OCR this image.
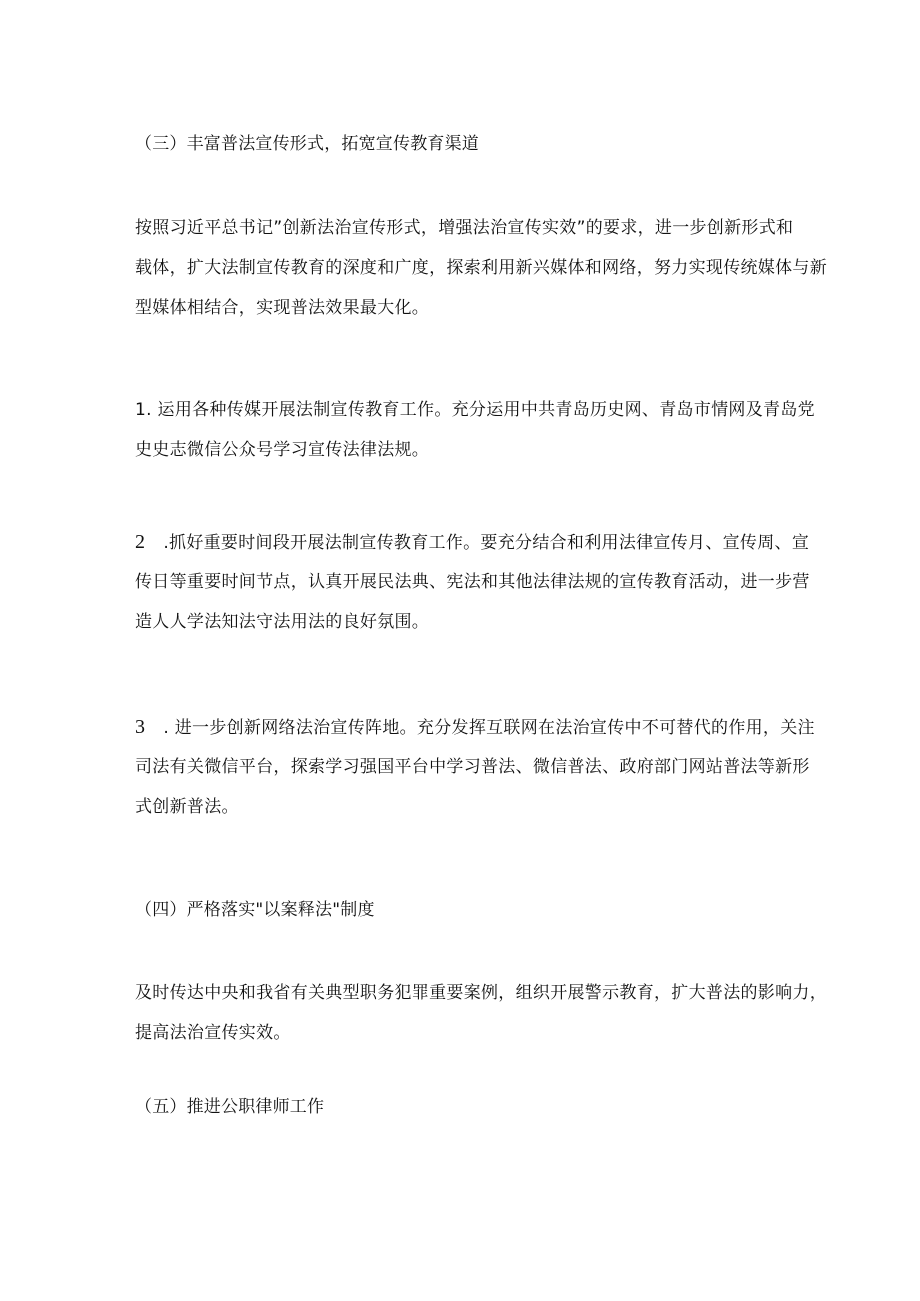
（三）丰富普法宣传形式，拓宽宣传教育渠道
按照习近平总书记”创新法治宣传形式，增强法治宣传实效”的要求，进一步创新形式和
载体，扩大法制宣传教育的深度和广度，探索利用新兴媒体和网络，努力实现传统媒体与新
型媒体相结合，实现普法效果最大化。
1. 运用各种传媒开展法制宣传教育工作。充分运用中共青岛历史网、青岛市情网及青岛党
史史志微信公众号学习宣传法律法规。
2 .抓好重要时间段开展法制宣传教育工作。要充分结合和利用法律宣传月、宣传周、宣
传日等重要时间节点，认真开展民法典、宪法和其他法律法规的宣传教育活动，进一步营
造人人学法知法守法用法的良好氛围。
3 . 进一步创新网络法治宣传阵地。充分发挥互联网在法治宣传中不可替代的作用，关注
司法有关微信平台，探索学习强国平台中学习普法、微信普法、政府部门网站普法等新形
式创新普法。
（四）严格落实"以案释法"制度
及时传达中央和我省有关典型职务犯罪重要案例，组织开展警示教育，扩大普法的影响力，
提高法治宣传实效。
（五）推进公职律师工作
